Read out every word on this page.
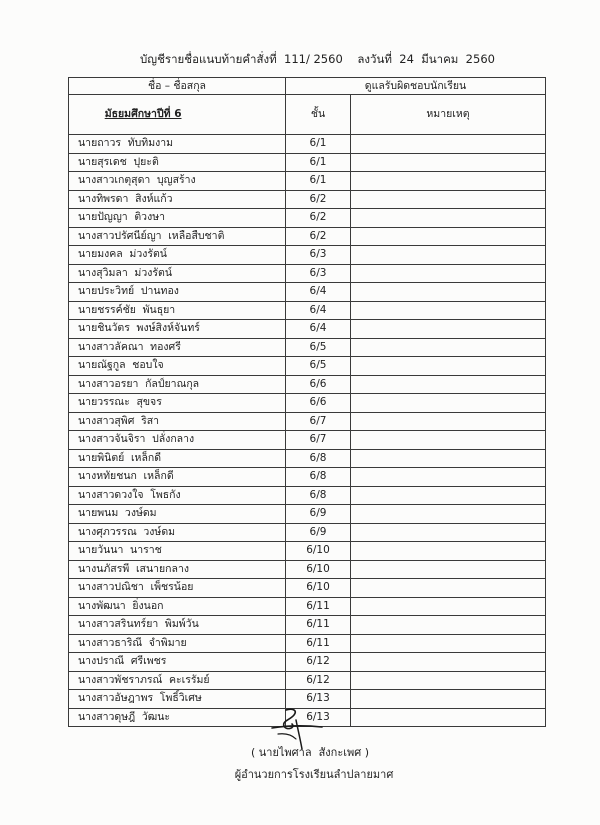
บัญชีรายชื่อแนบท้ายคำสั่งที่  111/ 2560    ลงวันที่  24  มีนาคม  2560
ชื่อ – ชื่อสกุล	ดูแลรับผิดชอบนักเรียน	

มัธยมศึกษาปีที่ 6	ชั้น	หมายเหตุ
นายถาวร  ทับทิมงาม	6/1	
นายสุรเดช  ปุยะติ	6/1	
นางสาวเกตุสุดา  บุญสร้าง	6/1	
นางทิพรดา  สิงห์แก้ว	6/2	
นายปัญญา  ติวงษา	6/2	
นางสาวปรัศนีย์ญา  เหลือสืบชาติ	6/2	
นายมงคล  ม่วงรัตน์	6/3	
นางสุวิมลา  ม่วงรัตน์	6/3	
นายประวิทย์  ปานทอง	6/4	
นายชรรค์ชัย  พันธุยา	6/4	
นายชินวัตร  พงษ์สิงห์จันทร์	6/4	
นางสาวลัคณา  ทองศรี	6/5	
นายณัฐกูล  ชอบใจ	6/5	
นางสาวอรยา  กัลป์ยาณกุล	6/6	
นายวรรณะ  สุขจร	6/6	
นางสาวสุพิศ  ริสา	6/7	
นางสาวจันจิรา  ปลั่งกลาง	6/7	
นายพินิตย์  เหล็กดี	6/8	
นางหทัยชนก  เหล็กดี	6/8	
นางสาวดวงใจ  โพธกัง	6/8	
นายพนม  วงษ์ดม	6/9	
นางศุภวรรณ  วงษ์ดม	6/9	
นายวันนา  นาราช	6/10	
นางนภัสรพี  เสนายกลาง	6/10	
นางสาวปณิชา  เพ็ชรน้อย	6/10	
นางพัฒนา  ยิ่งนอก	6/11	
นางสาวสรินทร์ยา  พิมพ์วัน	6/11	
นางสาวธาริณี  จำพิมาย	6/11	
นางปราณี  ศรีเพชร	6/12	
นางสาวพัชราภรณ์  คะเรรัมย์	6/12	
นางสาวอัษฎาพร  โพธิ์วิเศษ	6/13	
นางสาวดุษฎี  วัฒนะ	6/13	
( นายไพศาล  สังกะเพศ )
ผู้อำนวยการโรงเรียนลำปลายมาศ
